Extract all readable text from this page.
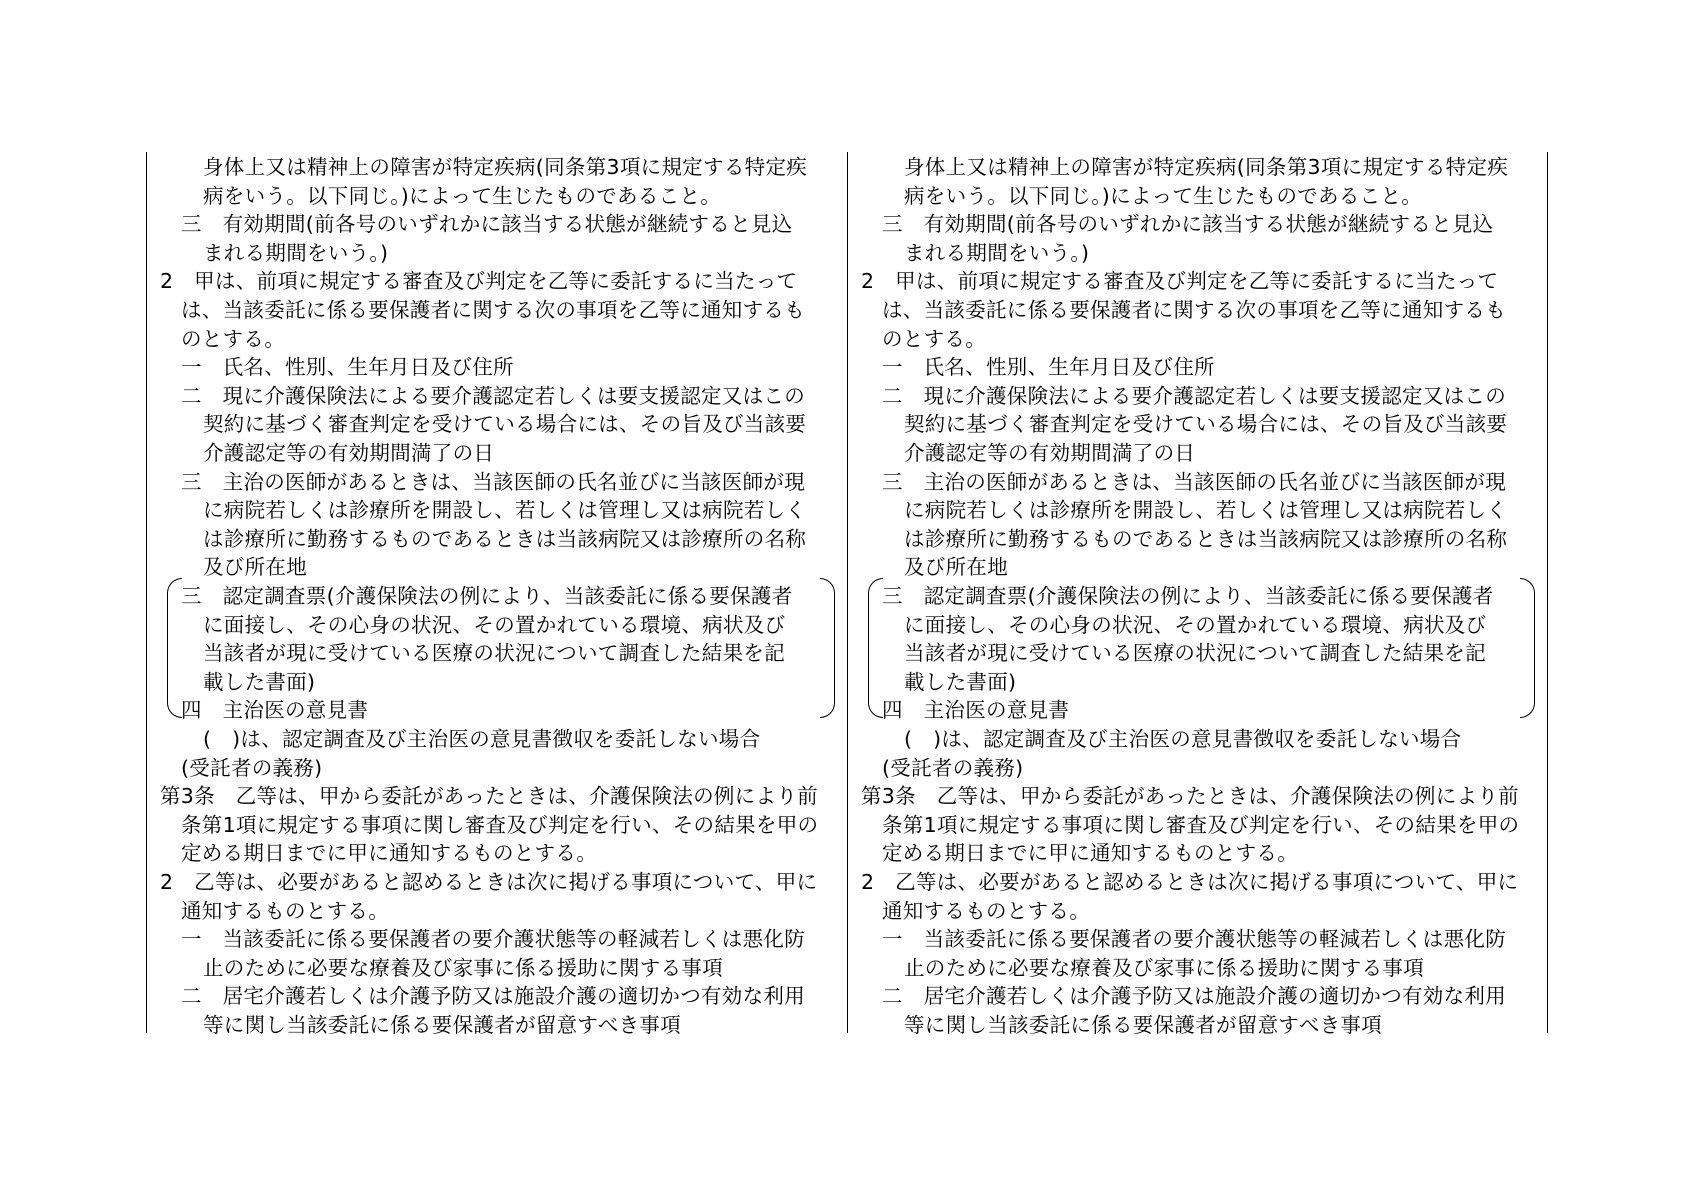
身体上又は精神上の障害が特定疾病(同条第3項に規定する特定疾
病をいう。以下同じ。)によって生じたものであること。
三　有効期間(前各号のいずれかに該当する状態が継続すると見込
まれる期間をいう。)
2　甲は、前項に規定する審査及び判定を乙等に委託するに当たって
は、当該委託に係る要保護者に関する次の事項を乙等に通知するも
のとする。
一　氏名、性別、生年月日及び住所
二　現に介護保険法による要介護認定若しくは要支援認定又はこの
契約に基づく審査判定を受けている場合には、その旨及び当該要
介護認定等の有効期間満了の日
三　主治の医師があるときは、当該医師の氏名並びに当該医師が現
に病院若しくは診療所を開設し、若しくは管理し又は病院若しく
は診療所に勤務するものであるときは当該病院又は診療所の名称
及び所在地
三　認定調査票(介護保険法の例により、当該委託に係る要保護者
に面接し、その心身の状況、その置かれている環境、病状及び
当該者が現に受けている医療の状況について調査した結果を記
載した書面)
四　主治医の意見書
(　)は、認定調査及び主治医の意見書徴収を委託しない場合
(受託者の義務)
第3条　乙等は、甲から委託があったときは、介護保険法の例により前
条第1項に規定する事項に関し審査及び判定を行い、その結果を甲の
定める期日までに甲に通知するものとする。
2　乙等は、必要があると認めるときは次に掲げる事項について、甲に
通知するものとする。
一　当該委託に係る要保護者の要介護状態等の軽減若しくは悪化防
止のために必要な療養及び家事に係る援助に関する事項
二　居宅介護若しくは介護予防又は施設介護の適切かつ有効な利用
等に関し当該委託に係る要保護者が留意すべき事項
身体上又は精神上の障害が特定疾病(同条第3項に規定する特定疾
病をいう。以下同じ。)によって生じたものであること。
三　有効期間(前各号のいずれかに該当する状態が継続すると見込
まれる期間をいう。)
2　甲は、前項に規定する審査及び判定を乙等に委託するに当たって
は、当該委託に係る要保護者に関する次の事項を乙等に通知するも
のとする。
一　氏名、性別、生年月日及び住所
二　現に介護保険法による要介護認定若しくは要支援認定又はこの
契約に基づく審査判定を受けている場合には、その旨及び当該要
介護認定等の有効期間満了の日
三　主治の医師があるときは、当該医師の氏名並びに当該医師が現
に病院若しくは診療所を開設し、若しくは管理し又は病院若しく
は診療所に勤務するものであるときは当該病院又は診療所の名称
及び所在地
三　認定調査票(介護保険法の例により、当該委託に係る要保護者
に面接し、その心身の状況、その置かれている環境、病状及び
当該者が現に受けている医療の状況について調査した結果を記
載した書面)
四　主治医の意見書
(　)は、認定調査及び主治医の意見書徴収を委託しない場合
(受託者の義務)
第3条　乙等は、甲から委託があったときは、介護保険法の例により前
条第1項に規定する事項に関し審査及び判定を行い、その結果を甲の
定める期日までに甲に通知するものとする。
2　乙等は、必要があると認めるときは次に掲げる事項について、甲に
通知するものとする。
一　当該委託に係る要保護者の要介護状態等の軽減若しくは悪化防
止のために必要な療養及び家事に係る援助に関する事項
二　居宅介護若しくは介護予防又は施設介護の適切かつ有効な利用
等に関し当該委託に係る要保護者が留意すべき事項
